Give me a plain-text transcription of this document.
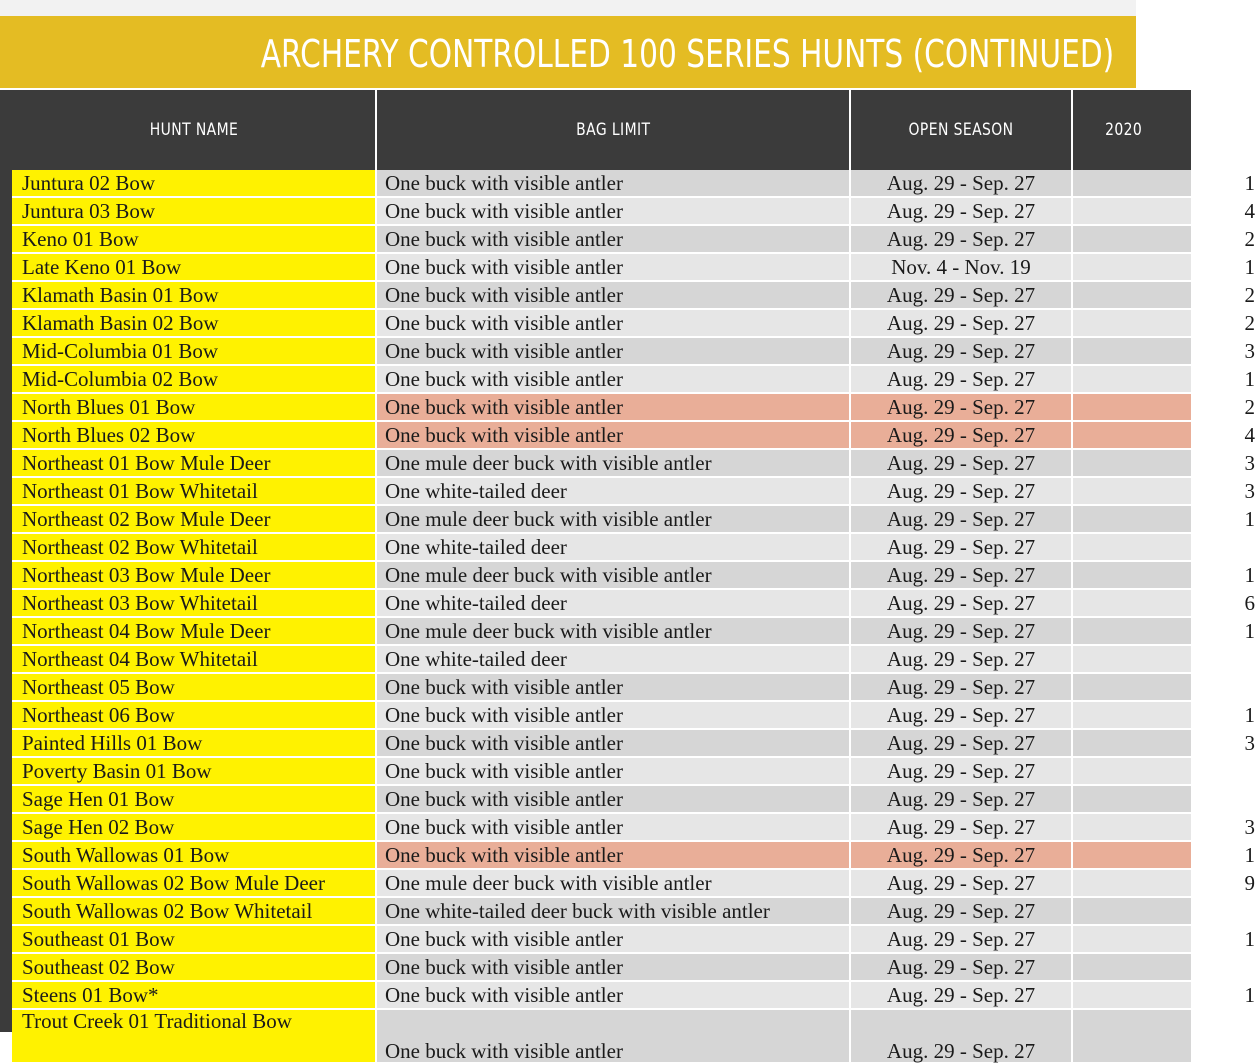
ARCHERY CONTROLLED 100 SERIES HUNTS (CONTINUED)
HUNT NAME	BAG LIMIT	OPEN SEASON	2020
Juntura 02 Bow	One buck with visible antler	Aug. 29 - Sep. 27	1
Juntura 03 Bow	One buck with visible antler	Aug. 29 - Sep. 27	4
Keno 01 Bow	One buck with visible antler	Aug. 29 - Sep. 27	2
Late Keno 01 Bow	One buck with visible antler	Nov. 4 - Nov. 19	1
Klamath Basin 01 Bow	One buck with visible antler	Aug. 29 - Sep. 27	2
Klamath Basin 02 Bow	One buck with visible antler	Aug. 29 - Sep. 27	2
Mid-Columbia 01 Bow	One buck with visible antler	Aug. 29 - Sep. 27	3
Mid-Columbia 02 Bow	One buck with visible antler	Aug. 29 - Sep. 27	1
North Blues 01 Bow	One buck with visible antler	Aug. 29 - Sep. 27	2
North Blues 02 Bow	One buck with visible antler	Aug. 29 - Sep. 27	4
Northeast 01 Bow Mule Deer	One mule deer buck with visible antler	Aug. 29 - Sep. 27	3
Northeast 01 Bow Whitetail	One white-tailed deer	Aug. 29 - Sep. 27	3
Northeast 02 Bow Mule Deer	One mule deer buck with visible antler	Aug. 29 - Sep. 27	1
Northeast 02 Bow Whitetail	One white-tailed deer	Aug. 29 - Sep. 27	
Northeast 03 Bow Mule Deer	One mule deer buck with visible antler	Aug. 29 - Sep. 27	1
Northeast 03 Bow Whitetail	One white-tailed deer	Aug. 29 - Sep. 27	6
Northeast 04 Bow Mule Deer	One mule deer buck with visible antler	Aug. 29 - Sep. 27	1
Northeast 04 Bow Whitetail	One white-tailed deer	Aug. 29 - Sep. 27	
Northeast 05 Bow	One buck with visible antler	Aug. 29 - Sep. 27	
Northeast 06 Bow	One buck with visible antler	Aug. 29 - Sep. 27	1
Painted Hills 01 Bow	One buck with visible antler	Aug. 29 - Sep. 27	3
Poverty Basin 01 Bow	One buck with visible antler	Aug. 29 - Sep. 27	
Sage Hen 01 Bow	One buck with visible antler	Aug. 29 - Sep. 27	
Sage Hen 02 Bow	One buck with visible antler	Aug. 29 - Sep. 27	3
South Wallowas 01 Bow	One buck with visible antler	Aug. 29 - Sep. 27	1
South Wallowas 02 Bow Mule Deer	One mule deer buck with visible antler	Aug. 29 - Sep. 27	9
South Wallowas 02 Bow Whitetail	One white-tailed deer buck with visible antler	Aug. 29 - Sep. 27	
Southeast 01 Bow	One buck with visible antler	Aug. 29 - Sep. 27	1
Southeast 02 Bow	One buck with visible antler	Aug. 29 - Sep. 27	
Steens 01 Bow*	One buck with visible antler	Aug. 29 - Sep. 27	1
Trout Creek 01 Traditional Bow	One buck with visible antler	Aug. 29 - Sep. 27	
